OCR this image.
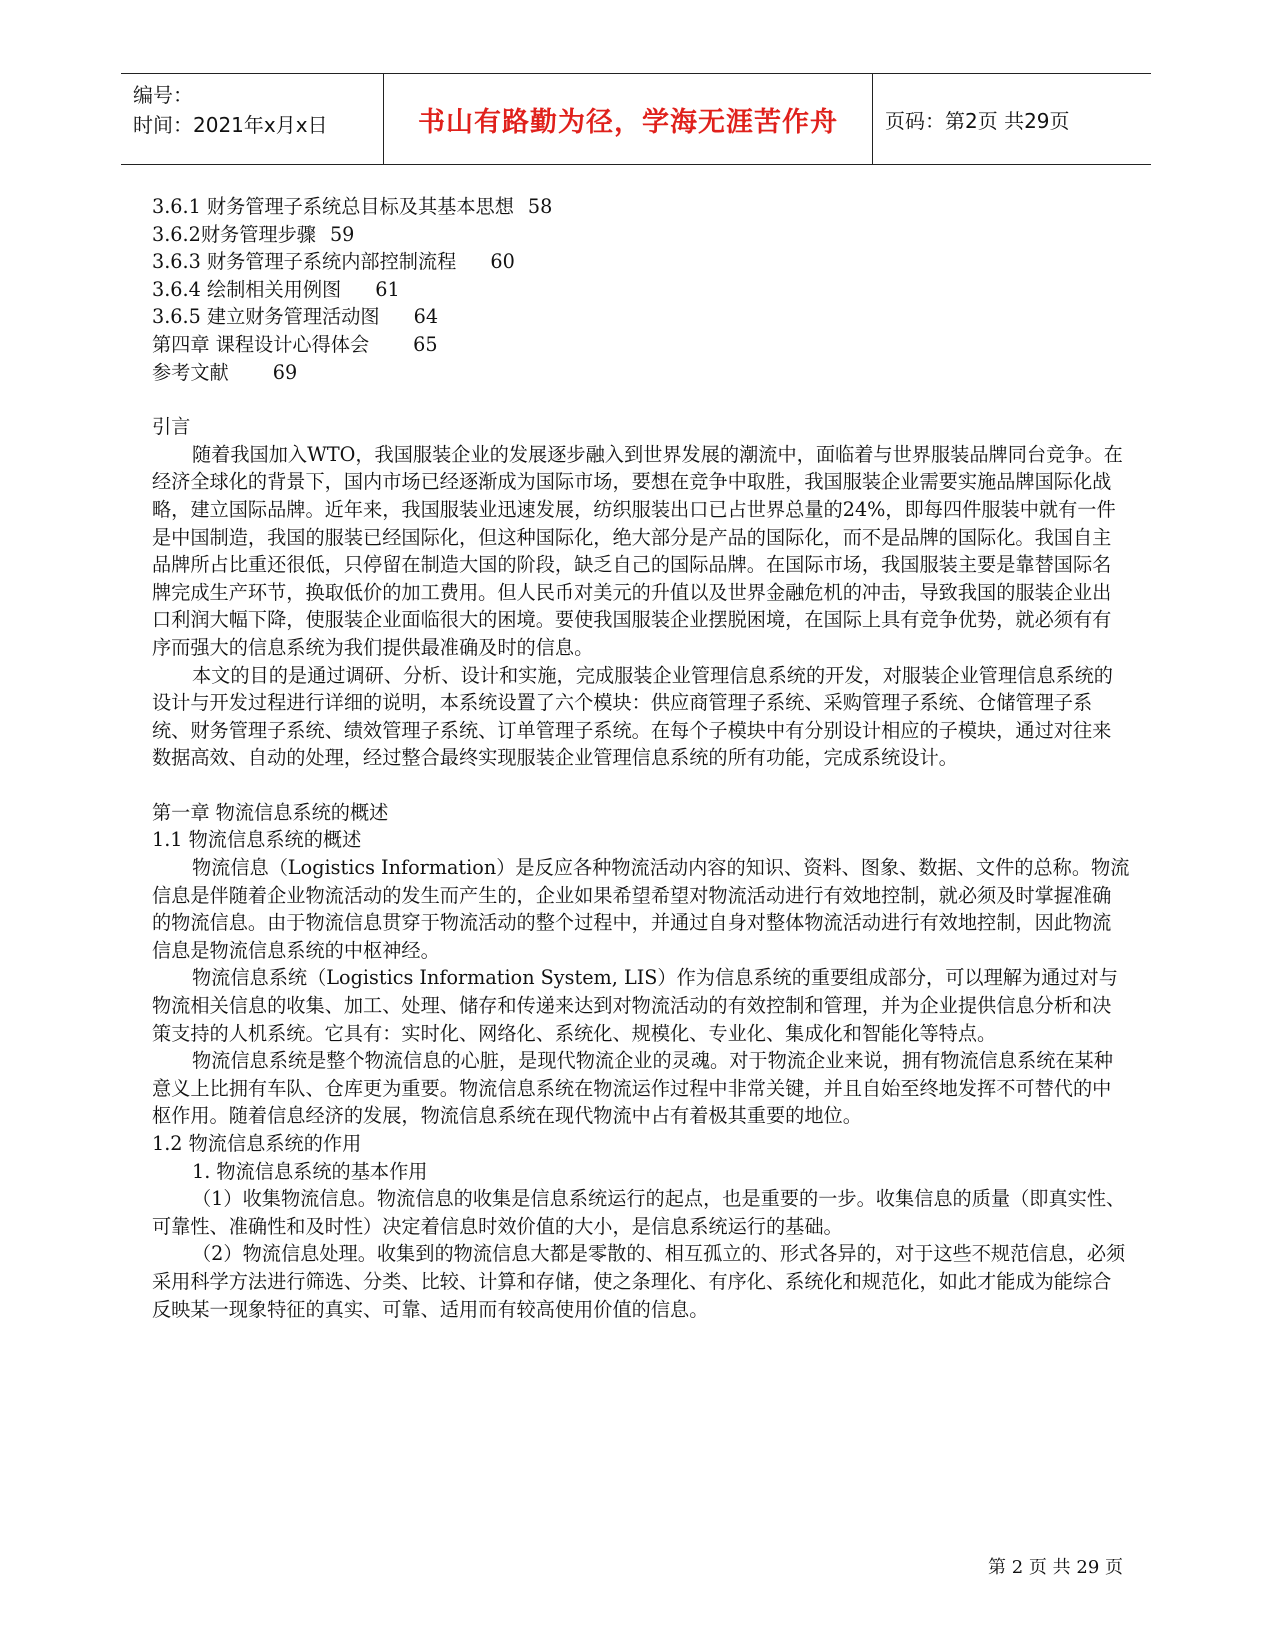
编号：
时间：2021年x月x日	书山有路勤为径，学海无涯苦作舟 页码：第2页 共29页

3.6.1 财务管理子系统总目标及其基本思想 58

3.6.2财务管理步骤 59

3.6.3 财务管理子系统内部控制流程 60

3.6.4 绘制相关用例图 61

3.6.5 建立财务管理活动图 64

第四章 课程设计心得体会 65

参考文献 69

引言

随着我国加入WTO，我国服装企业的发展逐步融入到世界发展的潮流中，面临着与世界服装品牌同台竞争。在经济全球化的背景下，国内市场已经逐渐成为国际市场，要想在竞争中取胜，我国服装企业需要实施品牌国际化战略，建立国际品牌。近年来，我国服装业迅速发展，纺织服装出口已占世界总量的24%，即每四件服装中就有一件是中国制造，我国的服装已经国际化，但这种国际化，绝大部分是产品的国际化，而不是品牌的国际化。我国自主品牌所占比重还很低，只停留在制造大国的阶段，缺乏自己的国际品牌。在国际市场，我国服装主要是靠替国际名牌完成生产环节，换取低价的加工费用。但人民币对美元的升值以及世界金融危机的冲击，导致我国的服装企业出口利润大幅下降，使服装企业面临很大的困境。要使我国服装企业摆脱困境，在国际上具有竞争优势，就必须有有序而强大的信息系统为我们提供最准确及时的信息。

本文的目的是通过调研、分析、设计和实施，完成服装企业管理信息系统的开发，对服装企业管理信息系统的设计与开发过程进行详细的说明，本系统设置了六个模块：供应商管理子系统、采购管理子系统、仓储管理子系统、财务管理子系统、绩效管理子系统、订单管理子系统。在每个子模块中有分别设计相应的子模块，通过对往来数据高效、自动的处理，经过整合最终实现服装企业管理信息系统的所有功能，完成系统设计。

第一章 物流信息系统的概述

1.1 物流信息系统的概述

物流信息（Logistics Information）是反应各种物流活动内容的知识、资料、图象、数据、文件的总称。物流信息是伴随着企业物流活动的发生而产生的，企业如果希望希望对物流活动进行有效地控制，就必须及时掌握准确的物流信息。由于物流信息贯穿于物流活动的整个过程中，并通过自身对整体物流活动进行有效地控制，因此物流信息是物流信息系统的中枢神经。

物流信息系统（Logistics Information System, LIS）作为信息系统的重要组成部分，可以理解为通过对与物流相关信息的收集、加工、处理、储存和传递来达到对物流活动的有效控制和管理，并为企业提供信息分析和决策支持的人机系统。它具有：实时化、网络化、系统化、规模化、专业化、集成化和智能化等特点。

物流信息系统是整个物流信息的心脏，是现代物流企业的灵魂。对于物流企业来说，拥有物流信息系统在某种意义上比拥有车队、仓库更为重要。物流信息系统在物流运作过程中非常关键，并且自始至终地发挥不可替代的中枢作用。随着信息经济的发展，物流信息系统在现代物流中占有着极其重要的地位。

1.2 物流信息系统的作用

1. 物流信息系统的基本作用

（1）收集物流信息。物流信息的收集是信息系统运行的起点，也是重要的一步。收集信息的质量（即真实性、可靠性、准确性和及时性）决定着信息时效价值的大小，是信息系统运行的基础。

（2）物流信息处理。收集到的物流信息大都是零散的、相互孤立的、形式各异的，对于这些不规范信息，必须采用科学方法进行筛选、分类、比较、计算和存储，使之条理化、有序化、系统化和规范化，如此才能成为能综合反映某一现象特征的真实、可靠、适用而有较高使用价值的信息。

第 2 页 共 29 页
